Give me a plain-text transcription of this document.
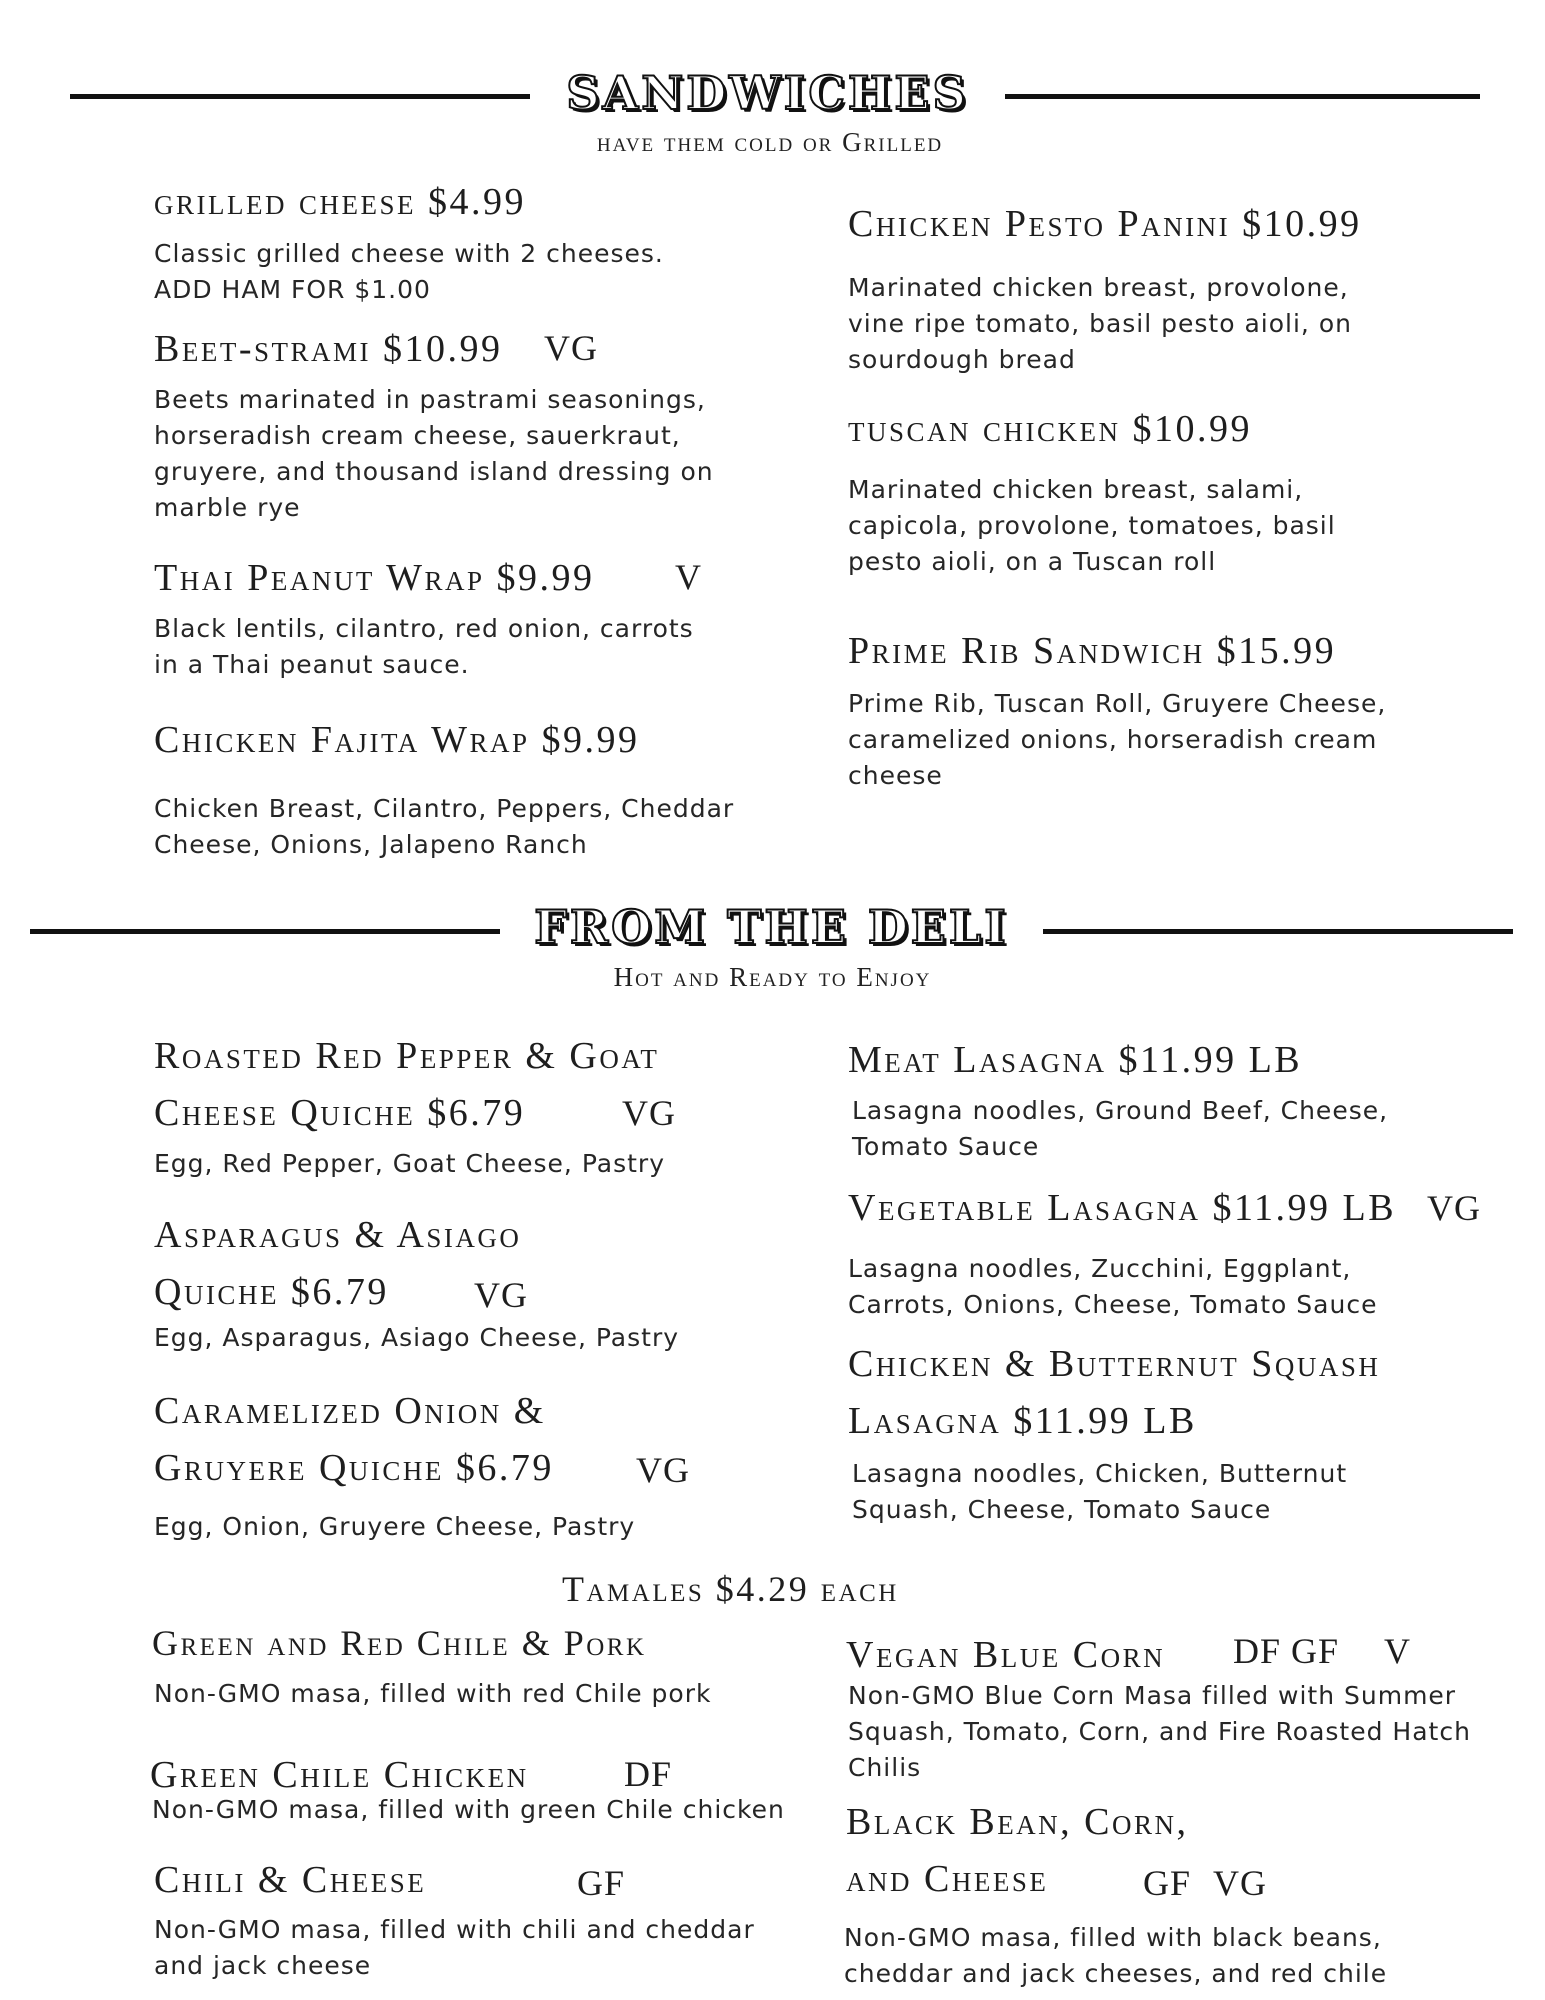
SANDWICHES

have them cold or Grilled

grilled cheese $4.99

Classic grilled cheese with 2 cheeses.

ADD HAM FOR $1.00

Beet-strami $10.99 VG

Beets marinated in pastrami seasonings, horseradish cream cheese, sauerkraut, gruyere, and thousand island dressing on marble rye

Thai Peanut Wrap $9.99 V

Black lentils, cilantro, red onion, carrots in a Thai peanut sauce.

Chicken Fajita Wrap $9.99

Chicken Breast, Cilantro, Peppers, Cheddar Cheese, Onions, Jalapeno Ranch

Chicken Pesto Panini $10.99

Marinated chicken breast, provolone, vine ripe tomato, basil pesto aioli, on sourdough bread

tuscan chicken $10.99

Marinated chicken breast, salami, capicola, provolone, tomatoes, basil pesto aioli, on a Tuscan roll

Prime Rib Sandwich $15.99

Prime Rib, Tuscan Roll, Gruyere Cheese, caramelized onions, horseradish cream cheese

FROM THE DELI

Hot and Ready to Enjoy

Roasted Red Pepper & Goat
Cheese Quiche $6.79	VG

Egg, Red Pepper, Goat Cheese, Pastry

Asparagus & Asiago
Quiche $6.79 VG

Egg, Asparagus, Asiago Cheese, Pastry

Caramelized Onion &
Gruyere Quiche $6.79 VG

Egg, Onion, Gruyere Cheese, Pastry

Meat Lasagna $11.99 LB

Lasagna noodles, Ground Beef, Cheese, Tomato Sauce

Vegetable Lasagna $11.99 LB VG

Lasagna noodles, Zucchini, Eggplant, Carrots, Onions, Cheese, Tomato Sauce

Chicken & Butternut Squash
Lasagna $11.99 LB

Lasagna noodles, Chicken, Butternut Squash, Cheese, Tomato Sauce

Tamales $4.29 each
Green and Red Chile & Pork

Non-GMO masa, filled with red Chile pork

Green Chile Chicken	DF

Non-GMO masa, filled with green Chile chicken

Chili & Cheese	GF

Non-GMO masa, filled with chili and cheddar and jack cheese

Vegan Blue Corn DF GF V

Non-GMO Blue Corn Masa filled with Summer Squash, Tomato, Corn, and Fire Roasted Hatch Chilis

Black Bean, Corn,
and Cheese	GF VG

Non-GMO masa, filled with black beans, cheddar and jack cheeses, and red chile
